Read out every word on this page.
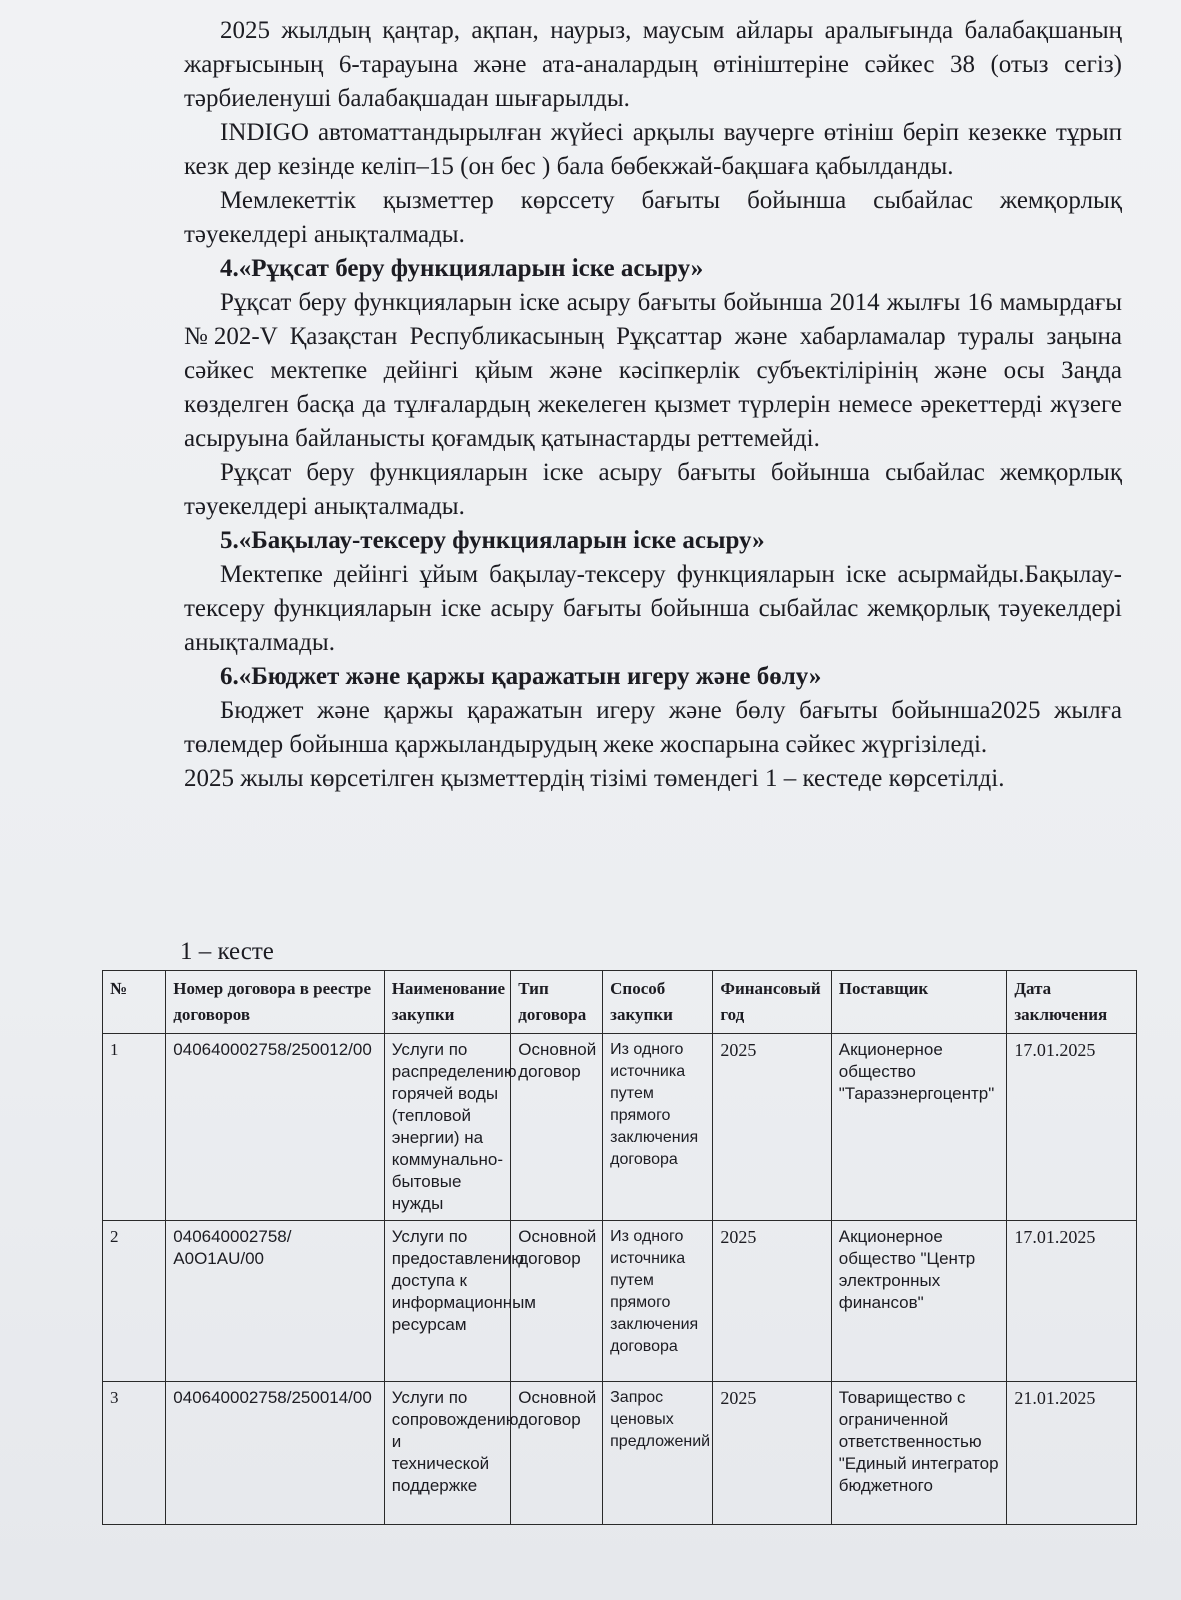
2025 жылдың қаңтар, ақпан, наурыз, маусым айлары аралығында балабақшаның жарғысының 6-тарауына және ата-аналардың өтініштеріне сәйкес 38 (отыз сегіз) тәрбиеленуші балабақшадан шығарылды.

INDIGO автоматтандырылған жүйесі арқылы ваучерге өтініш беріп кезекке тұрып кезк дер кезінде келіп–15 (он бес ) бала бөбекжай-бақшаға қабылданды.

Мемлекеттік қызметтер көрссету бағыты бойынша сыбайлас жемқорлық тәуекелдері анықталмады.

4.«Рұқсат беру функцияларын іске асыру»

Рұқсат беру функцияларын іске асыру бағыты бойынша 2014 жылғы 16 мамырдағы №202-V Қазақстан Республикасының Рұқсаттар және хабарламалар туралы заңына сәйкес мектепке дейінгі қйым және кәсіпкерлік субъектілірінің және осы Заңда көзделген басқа да тұлғалардың жекелеген қызмет түрлерін немесе әрекеттерді жүзеге асыруына байланысты қоғамдық қатынастарды реттемейді.

Рұқсат беру функцияларын іске асыру бағыты бойынша сыбайлас жемқорлық тәуекелдері анықталмады.

5.«Бақылау-тексеру функцияларын іске асыру»

Мектепке дейінгі ұйым бақылау-тексеру функцияларын іске асырмайды.Бақылау-тексеру функцияларын іске асыру бағыты бойынша сыбайлас жемқорлық тәуекелдері анықталмады.

6.«Бюджет және қаржы қаражатын игеру және бөлу»

Бюджет және қаржы қаражатын игеру және бөлу бағыты бойынша2025 жылға төлемдер бойынша қаржыландырудың жеке жоспарына сәйкес жүргізіледі.

2025 жылы көрсетілген қызметтердің тізімі төмендегі 1 – кестеде көрсетілді.

1 – кесте
№	Номер договора в реестре договоров	Наименование закупки	Тип договора	Способ закупки	Финансовый год	Поставщик	Дата заключения
1	040640002758/250012/00	Услуги по распределению горячей воды (тепловой энергии) на коммунально-бытовые нужды	Основной договор	Из одного источника путем прямого заключения договора	2025	Акционерное общество "Таразэнергоцентр"	17.01.2025
2	040640002758/А0О1АU/00	Услуги по предоставлению доступа к информационным ресурсам	Основной договор	Из одного источника путем прямого заключения договора	2025	Акционерное общество "Центр электронных финансов"	17.01.2025
3	040640002758/250014/00	Услуги по сопровождению и технической поддержке	Основной договор	Запрос ценовых предложений	2025	Товарищество с ограниченной ответственностью "Единый интегратор бюджетного	21.01.2025
